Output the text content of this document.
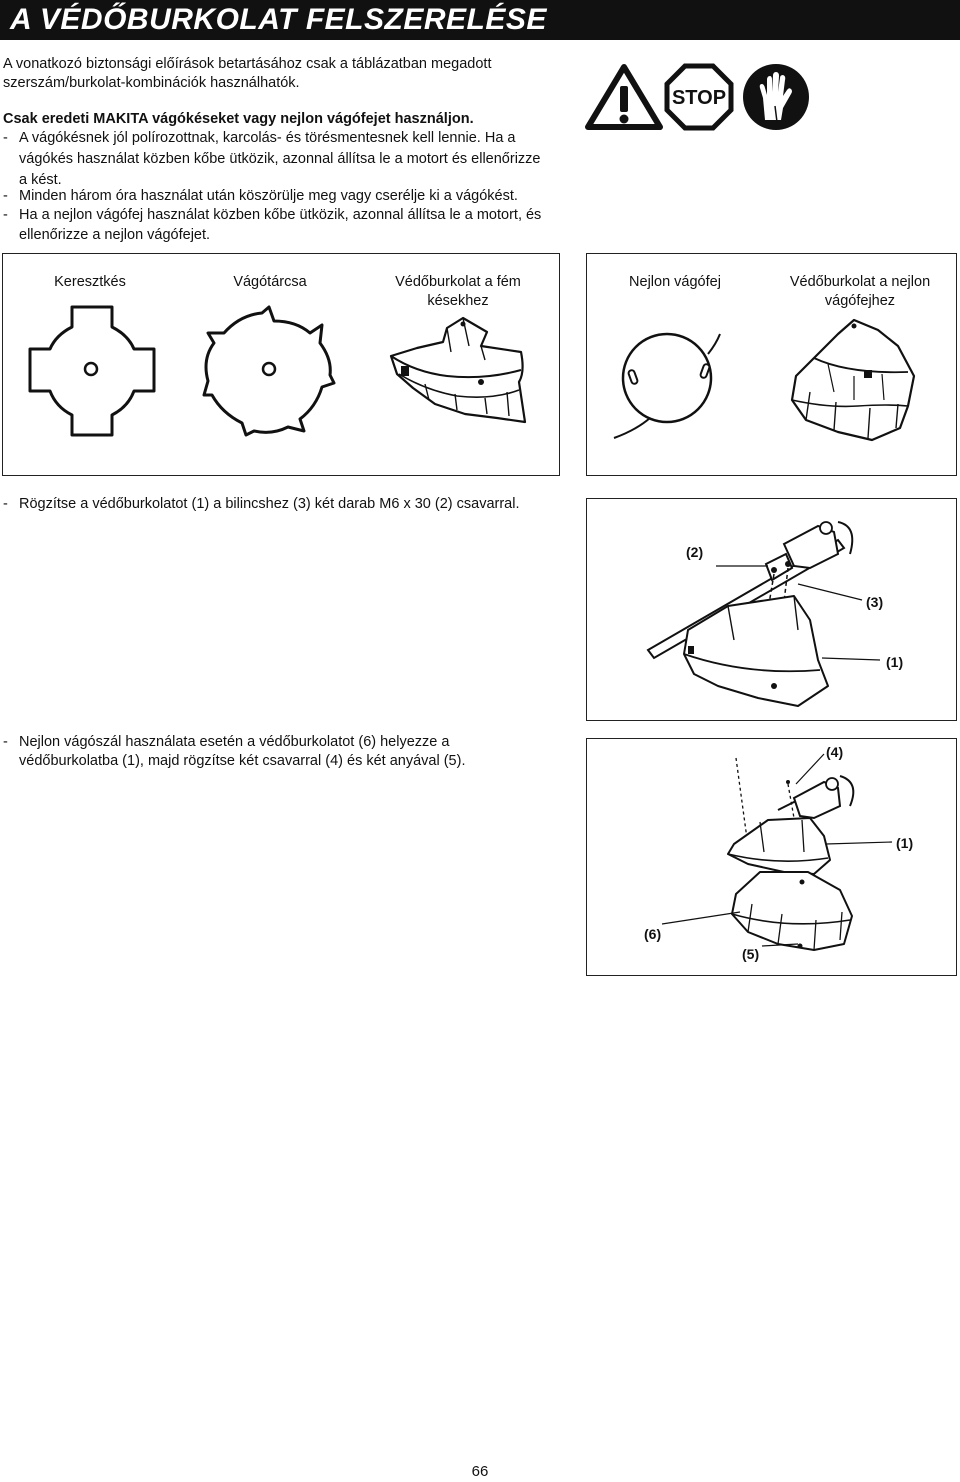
A VÉDŐBURKOLAT FELSZERELÉSE

A vonatkozó biztonsági előírások betartásához csak a táblázatban megadott

szerszám/burkolat-kombinációk használhatók.

Csak eredeti MAKITA vágókéseket vagy nejlon vágófejet használjon.

- A vágókésnek jól polírozottnak, karcolás- és törésmentesnek kell lennie. Ha a
vágókés használat közben kőbe ütközik, azonnal állítsa le a motort és ellenőrizze
a kést.
- Minden három óra használat után köszörülje meg vagy cserélje ki a vágókést.
- Ha a nejlon vágófej használat közben kőbe ütközik, azonnal állítsa le a motort, és
ellenőrizze a nejlon vágófejet.
STOP
Keresztkés	Vágótárcsa	Védőburkolat a fém
késekhez
Nejlon vágófej	Védőburkolat a nejlon
vágófejhez
- Rögzítse a védőburkolatot (1) a bilincshez (3) két darab M6 x 30 (2) csavarral.
(2)
(3)
(1)
- Nejlon vágószál használata esetén a védőburkolatot (6) helyezze a
védőburkolatba (1), majd rögzítse két csavarral (4) és két anyával (5).
(4)
(1)
(6)
(5)
66
